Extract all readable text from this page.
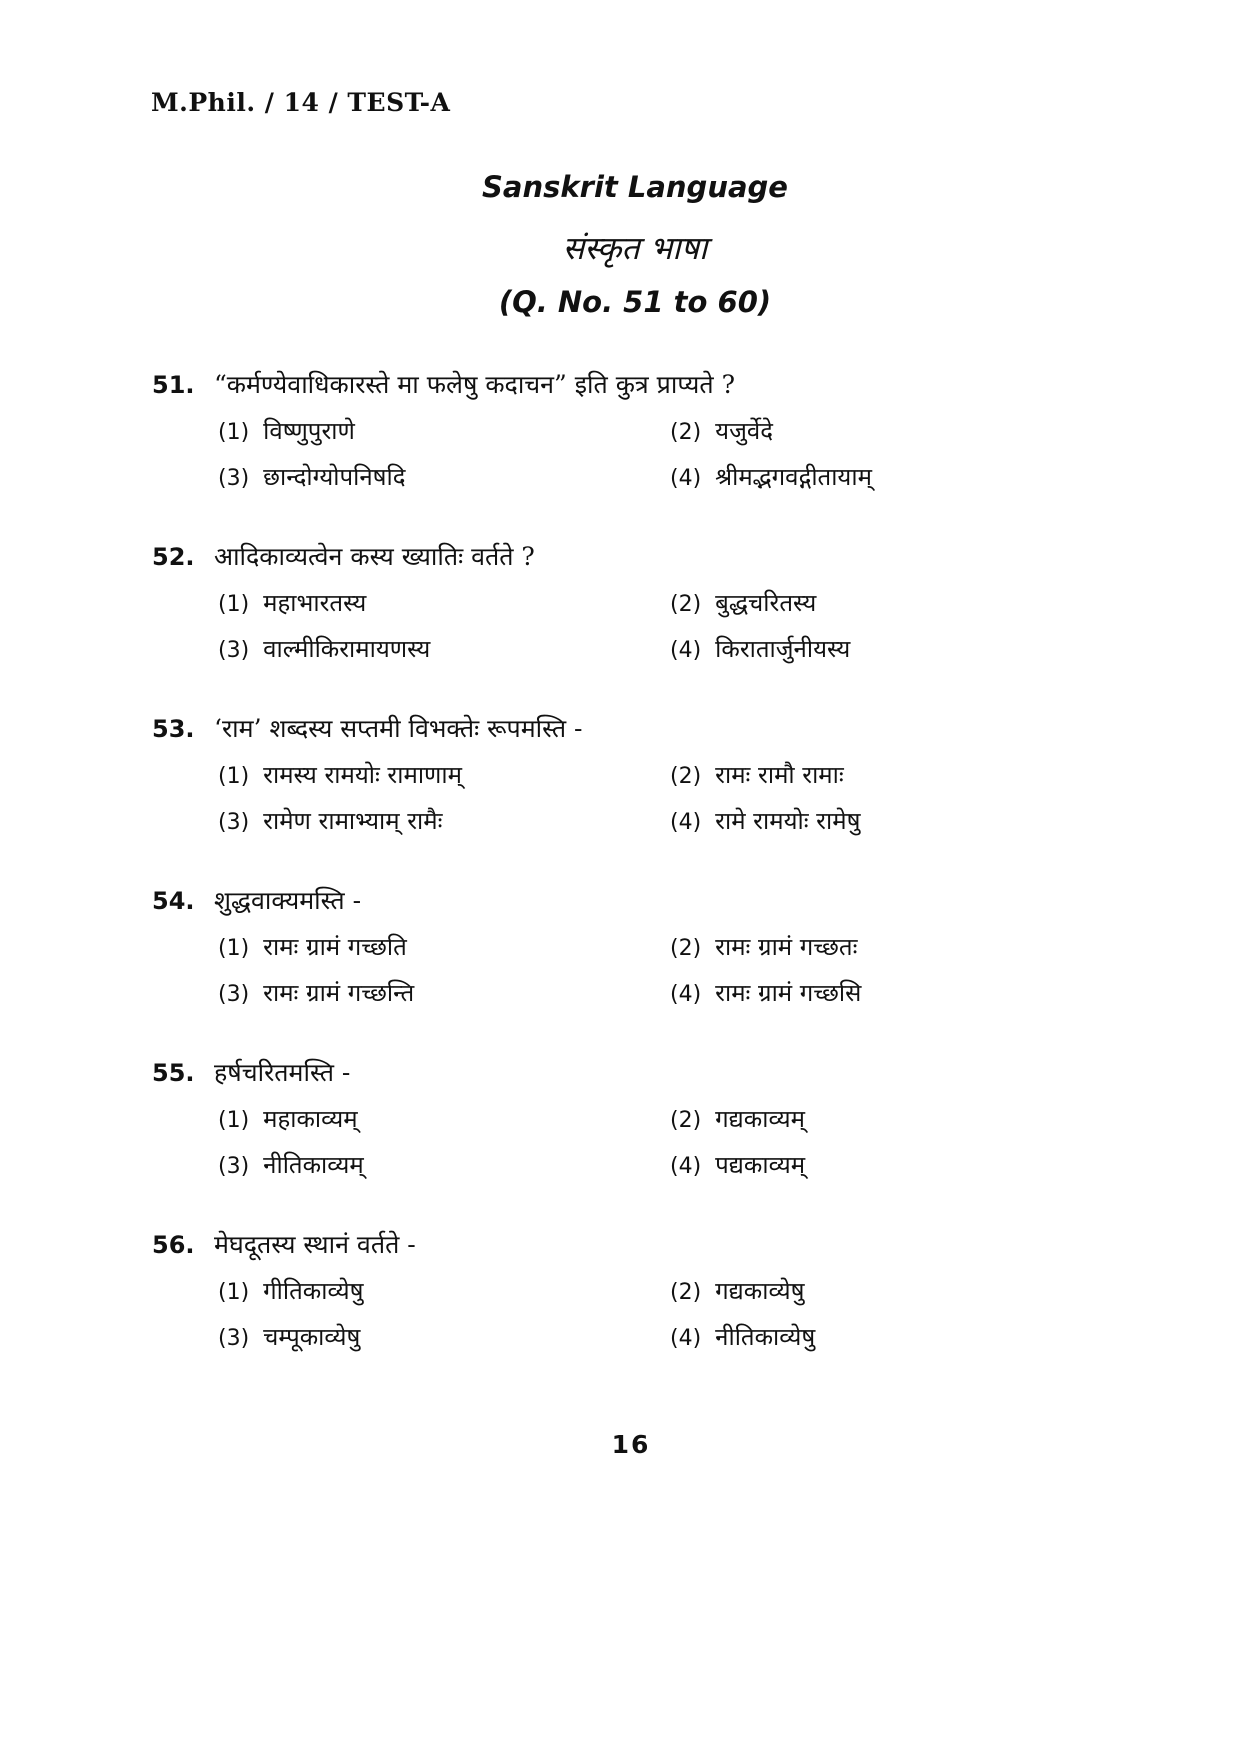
M.Phil. / 14 / TEST-A
Sanskrit Language
संस्कृत भाषा
(Q. No. 51 to 60)
51. “कर्मण्येवाधिकारस्ते मा फलेषु कदाचन” इति कुत्र प्राप्यते ?
(1) विष्णुपुराणे	(2) यजुर्वेदे
(3) छान्दोग्योपनिषदि	(4) श्रीमद्भगवद्गीतायाम्
52. आदिकाव्यत्वेन कस्य ख्यातिः वर्तते ?
(1) महाभारतस्य	(2) बुद्धचरितस्य
(3) वाल्मीकिरामायणस्य	(4) किरातार्जुनीयस्य
53. ‘राम’ शब्दस्य सप्तमी विभक्तेः रूपमस्ति -
(1) रामस्य रामयोः रामाणाम्	(2) रामः रामौ रामाः
(3) रामेण रामाभ्याम् रामैः	(4) रामे रामयोः रामेषु
54. शुद्धवाक्यमस्ति -
(1) रामः ग्रामं गच्छति	(2) रामः ग्रामं गच्छतः
(3) रामः ग्रामं गच्छन्ति	(4) रामः ग्रामं गच्छसि
55. हर्षचरितमस्ति -
(1) महाकाव्यम्	(2) गद्यकाव्यम्
(3) नीतिकाव्यम्	(4) पद्यकाव्यम्
56. मेघदूतस्य स्थानं वर्तते -
(1) गीतिकाव्येषु	(2) गद्यकाव्येषु
(3) चम्पूकाव्येषु	(4) नीतिकाव्येषु
16
